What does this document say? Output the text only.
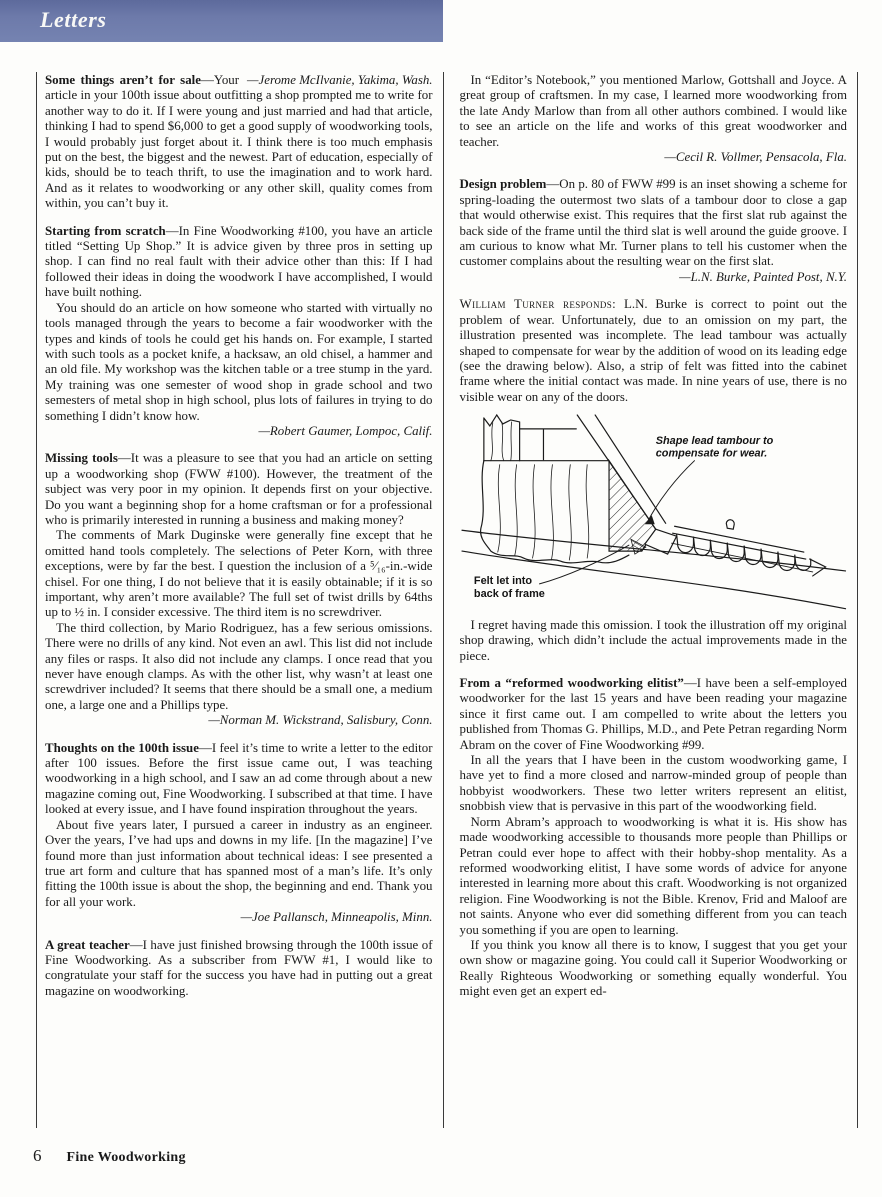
Letters

Some things aren’t for sale	—Jerome McIlvanie, Yakima, Wash.
—Your article in your 100th issue about outfitting a shop prompted me to write for another way to do it. If I were young and just married and had that article, thinking I had to spend $6,000 to get a good supply of woodworking tools, I would probably just forget about it. I think there is too much emphasis put on the best, the biggest and the newest. Part of education, especially of kids, should be to teach thrift, to use the imagination and to work hard. And as it relates to woodworking or any other skill, quality comes from within, you can’t buy it.

Starting from scratch—In Fine Woodworking #100, you have an article titled “Setting Up Shop.” It is advice given by three pros in setting up shop. I can find no real fault with their advice other than this: If I had followed their ideas in doing the woodwork I have accomplished, I would have built nothing.

You should do an article on how someone who started with virtually no tools managed through the years to become a fair woodworker with the types and kinds of tools he could get his hands on. For example, I started with such tools as a pocket knife, a hacksaw, an old chisel, a hammer and an old file. My workshop was the kitchen table or a tree stump in the yard. My training was one semester of wood shop in grade school and two semesters of metal shop in high school, plus lots of failures in trying to do something I didn’t know how.

—Robert Gaumer, Lompoc, Calif.

Missing tools—It was a pleasure to see that you had an article on setting up a woodworking shop (FWW #100). However, the treatment of the subject was very poor in my opinion. It depends first on your objective. Do you want a beginning shop for a home craftsman or for a professional who is primarily interested in running a business and making money?

The comments of Mark Duginske were generally fine except that he omitted hand tools completely. The selections of Peter Korn, with three exceptions, were by far the best. I question the inclusion of a ⁵⁄₁₆-in.-wide chisel. For one thing, I do not believe that it is easily obtainable; if it is so important, why aren’t more available? The full set of twist drills by 64ths up to ½ in. I consider excessive. The third item is no screwdriver.

The third collection, by Mario Rodriguez, has a few serious omissions. There were no drills of any kind. Not even an awl. This list did not include any files or rasps. It also did not include any clamps. I once read that you never have enough clamps. As with the other list, why wasn’t at least one screwdriver included? It seems that there should be a small one, a medium one, a large one and a Phillips type.

—Norman M. Wickstrand, Salisbury, Conn.

Thoughts on the 100th issue—I feel it’s time to write a letter to the editor after 100 issues. Before the first issue came out, I was teaching woodworking in a high school, and I saw an ad come through about a new magazine coming out, Fine Woodworking. I subscribed at that time. I have looked at every issue, and I have found inspiration throughout the years.

About five years later, I pursued a career in industry as an engineer. Over the years, I’ve had ups and downs in my life. [In the magazine] I’ve found more than just information about technical ideas: I see presented a true art form and culture that has spanned most of a man’s life. It’s only fitting the 100th issue is about the shop, the beginning and end. Thank you for all your work.

—Joe Pallansch, Minneapolis, Minn.

A great teacher—I have just finished browsing through the 100th issue of Fine Woodworking. As a subscriber from FWW #1, I would like to congratulate your staff for the success you have had in putting out a great magazine on woodworking.

In “Editor’s Notebook,” you mentioned Marlow, Gottshall and Joyce. A great group of craftsmen. In my case, I learned more woodworking from the late Andy Marlow than from all other authors combined. I would like to see an article on the life and works of this great woodworker and teacher.

—Cecil R. Vollmer, Pensacola, Fla.

Design problem—On p. 80 of FWW #99 is an inset showing a scheme for spring-loading the outermost two slats of a tambour door to close a gap that would otherwise exist. This requires that the first slat rub against the back side of the frame until the third slat is well around the guide groove. I am curious to know what Mr. Turner plans to tell his customer when the customer complains about the resulting wear on the first slat.

—L.N. Burke, Painted Post, N.Y.

William Turner responds: L.N. Burke is correct to point out the problem of wear. Unfortunately, due to an omission on my part, the illustration presented was incomplete. The lead tambour was actually shaped to compensate for wear by the addition of wood on its leading edge (see the drawing below). Also, a strip of felt was fitted into the cabinet frame where the initial contact was made. In nine years of use, there is no visible wear on any of the doors.

Shape lead tambour to
compensate for wear.
Felt let into
back of frame

I regret having made this omission. I took the illustration off my original shop drawing, which didn’t include the actual improvements made in the piece.

From a “reformed woodworking elitist”—I have been a self-employed woodworker for the last 15 years and have been reading your magazine since it first came out. I am compelled to write about the letters you published from Thomas G. Phillips, M.D., and Pete Petran regarding Norm Abram on the cover of Fine Woodworking #99.

In all the years that I have been in the custom woodworking game, I have yet to find a more closed and narrow-minded group of people than hobbyist woodworkers. These two letter writers represent an elitist, snobbish view that is pervasive in this part of the woodworking field.

Norm Abram’s approach to woodworking is what it is. His show has made woodworking accessible to thousands more people than Phillips or Petran could ever hope to affect with their hobby-shop mentality. As a reformed woodworking elitist, I have some words of advice for anyone interested in learning more about this craft. Woodworking is not organized religion. Fine Woodworking is not the Bible. Krenov, Frid and Maloof are not saints. Anyone who ever did something different from you can teach you something if you are open to learning.

If you think you know all there is to know, I suggest that you get your own show or magazine going. You could call it Superior Woodworking or Really Righteous Woodworking or something equally wonderful. You might even get an expert ed-

6 Fine Woodworking
